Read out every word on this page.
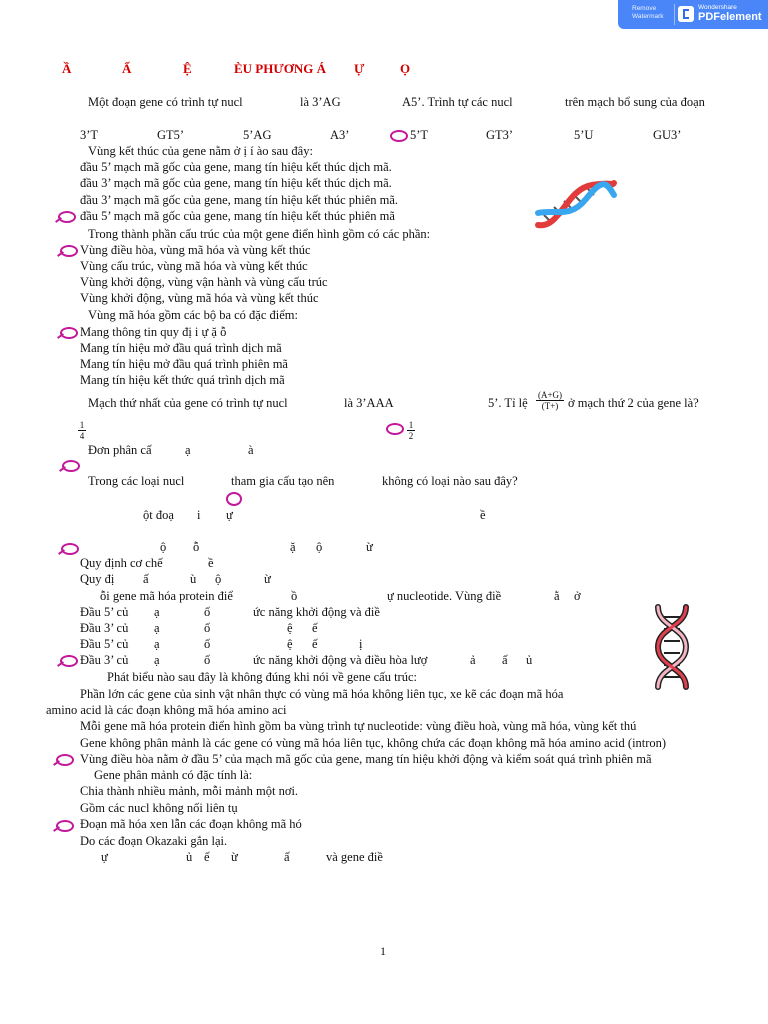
Remove
Watermark
Wondershare
PDFelement
Ầ	Ấ	Ệ	ÈU PHƯƠNG Á Ự	Ọ
Một đoạn gene có trình tự nucl	là 3’AG	A5’. Trình tự các nucl	trên mạch bổ sung của đoạn
3’T	GT5’	5’AG	A3’	5’T	GT3’	5’U	GU3’
Vùng kết thúc của gene nằm ở ị í ào sau đây:
đầu 5’ mạch mã gốc của gene, mang tín hiệu kết thúc dịch mã.
đầu 3’ mạch mã gốc của gene, mang tín hiệu kết thúc dịch mã.
đầu 3’ mạch mã gốc của gene, mang tín hiệu kết thúc phiên mã.
đầu 5’ mạch mã gốc của gene, mang tín hiệu kết thúc phiên mã
Trong thành phần cấu trúc của một gene điển hình gồm có các phần:
Vùng điều hòa, vùng mã hóa và vùng kết thúc
Vùng cấu trúc, vùng mã hóa và vùng kết thúc
Vùng khởi động, vùng vận hành và vùng cấu trúc
Vùng khởi động, vùng mã hóa và vùng kết thúc
Vùng mã hóa gồm các bộ ba có đặc điểm:
Mang thông tin quy đị i ự ặ ỗ
Mang tín hiệu mở đầu quá trình dịch mã
Mang tín hiệu mở đầu quá trình phiên mã
Mang tín hiệu kết thức quá trình dịch mã
Mạch thứ nhất của gene có trình tự nucl	là 3’AAA	5’. Tỉ lệ $\frac{(A+G)}{(T+)}$ ở mạch thứ 2 của gene là?
$\frac{1}{4}$	$\frac{1}{2}$
Đơn phân cấ	ạ	à
Trong các loại nucl	tham gia cấu tạo nên	không có loại nào sau đây?
ột đoạ i ự	ề
ộ ỗ	ặ ộ	ừ
Quy định cơ chế	ề
Quy đị ấ	ù ộ	ừ
ỗi gene mã hóa protein điể	ồ	ự nucleotide. Vùng điề	ằ ở
Đầu 5’ củ ạ	ố	ức năng khởi động và điề
Đầu 3’ củ ạ	ố	ệ ế
Đầu 5’ củ ạ	ố	ệ ế	ị
Đầu 3’ củ ạ	ố	ức năng khởi động và điều hòa lượ	ả ấ ủ
Phát biểu nào sau đây là không đúng khi nói về gene cấu trúc:
Phần lớn các gene của sinh vật nhân thực có vùng mã hóa không liên tục, xe kẽ các đoạn mã hóa
amino acid là các đoạn không mã hóa amino aci
Mỗi gene mã hóa protein điển hình gồm ba vùng trình tự nucleotide: vùng điều hoà, vùng mã hóa, vùng kết thú
Gene không phân mảnh là các gene có vùng mã hóa liên tục, không chứa các đoạn không mã hóa amino acid (intron)
Vùng điều hòa nằm ở đầu 5’ của mạch mã gốc của gene, mang tín hiệu khởi động và kiểm soát quá trình phiên mã
Gene phân mảnh có đặc tính là:
Chia thành nhiều mảnh, mỗi mảnh một nơi.
Gồm các nucl không nối liên tụ
Đoạn mã hóa xen lẫn các đoạn không mã hó
Do các đoạn Okazaki gắn lại.
ự	ủ ế ừ	ấ	và gene điề
1
